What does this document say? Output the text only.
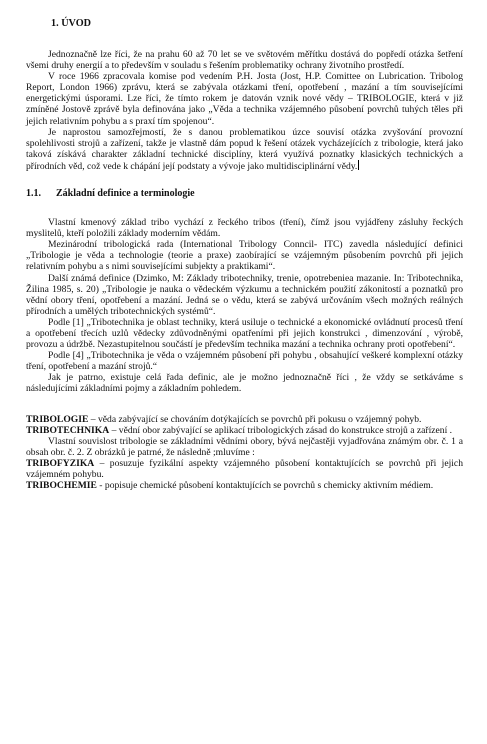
1. ÚVOD

Jednoznačně lze říci, že na prahu 60 až 70 let se ve světovém měřítku dostává do popředí otázka šetření všemi druhy energií a to především v souladu s řešením problematiky ochrany životního prostředí.

V roce 1966 zpracovala komise pod vedením P.H. Josta (Jost, H.P. Comittee on Lubrication. Tribolog Report, London 1966) zprávu, která se zabývala otázkami tření, opotřebení , mazání a tím souvisejícími energetickými úsporami. Lze říci, že tímto rokem je datován vznik nové vědy – TRIBOLOGIE, která v již zmíněné Jostově zprávě byla definována jako „Věda a technika vzájemného působení povrchů tuhých těles při jejich relativním pohybu a s praxí tím spojenou“.

Je naprostou samozřejmostí, že s danou problematikou úzce souvisí otázka zvyšování provozní spolehlivosti strojů a zařízení, takže je vlastně dám popud k řešení otázek vycházejících z tribologie, která jako taková získává charakter základní technické disciplíny, která využívá poznatky klasických technických a přírodních věd, což vede k chápání její podstaty a vývoje jako multidisciplinární vědy.

1.1. Základní definice a terminologie

Vlastní kmenový základ tribo vychází z řeckého tribos (tření), čímž jsou vyjádřeny zásluhy řeckých myslitelů, kteří položili základy moderním vědám.

Mezinárodní tribologická rada (International Tribology Conncil- ITC) zavedla následující definici „Tribologie je věda a technologie (teorie a praxe) zaobírající se vzájemným působením povrchů při jejich relativním pohybu a s nimi souvisejícími subjekty a praktikami“.

Další známá definice (Dzimko, M: Základy tribotechniky, trenie, opotrebeniea mazanie. In: Tribotechnika, Žilina 1985, s. 20) „Tribologie je nauka o vědeckém výzkumu a technickém použití zákonitostí a poznatků pro vědní obory tření, opotřebení a mazání. Jedná se o vědu, která se zabývá určováním všech možných reálných přírodních a umělých tribotechnických systémů“.

Podle [1] „Tribotechnika je oblast techniky, která usiluje o technické a ekonomické ovládnutí procesů tření a opotřebení třecích uzlů vědecky zdůvodněnými opatřeními při jejich konstrukci , dimenzování , výrobě, provozu a údržbě. Nezastupitelnou součástí je především technika mazání a technika ochrany proti opotřebení“.

Podle [4] „Tribotechnika je věda o vzájemném působení při pohybu , obsahující veškeré komplexní otázky tření, opotřebení a mazání strojů.“

Jak je patrno, existuje celá řada definic, ale je možno jednoznačně říci , že vždy se setkáváme s následujícími základními pojmy a základním pohledem.

TRIBOLOGIE – věda zabývající se chováním dotýkajících se povrchů při pokusu o vzájemný pohyb.

TRIBOTECHNIKA – vědní obor zabývající se aplikací tribologických zásad do konstrukce strojů a zařízení .

Vlastní souvislost tribologie se základními vědními obory, bývá nejčastěji vyjadřována známým obr. č. 1 a obsah obr. č. 2. Z obrázků je patrné, že následně ;mluvíme :

TRIBOFYZIKA – posuzuje fyzikální aspekty vzájemného působení kontaktujících se povrchů při jejich vzájemném pohybu.

TRIBOCHEMIE - popisuje chemické působení kontaktujících se povrchů s chemicky aktivním médiem.
